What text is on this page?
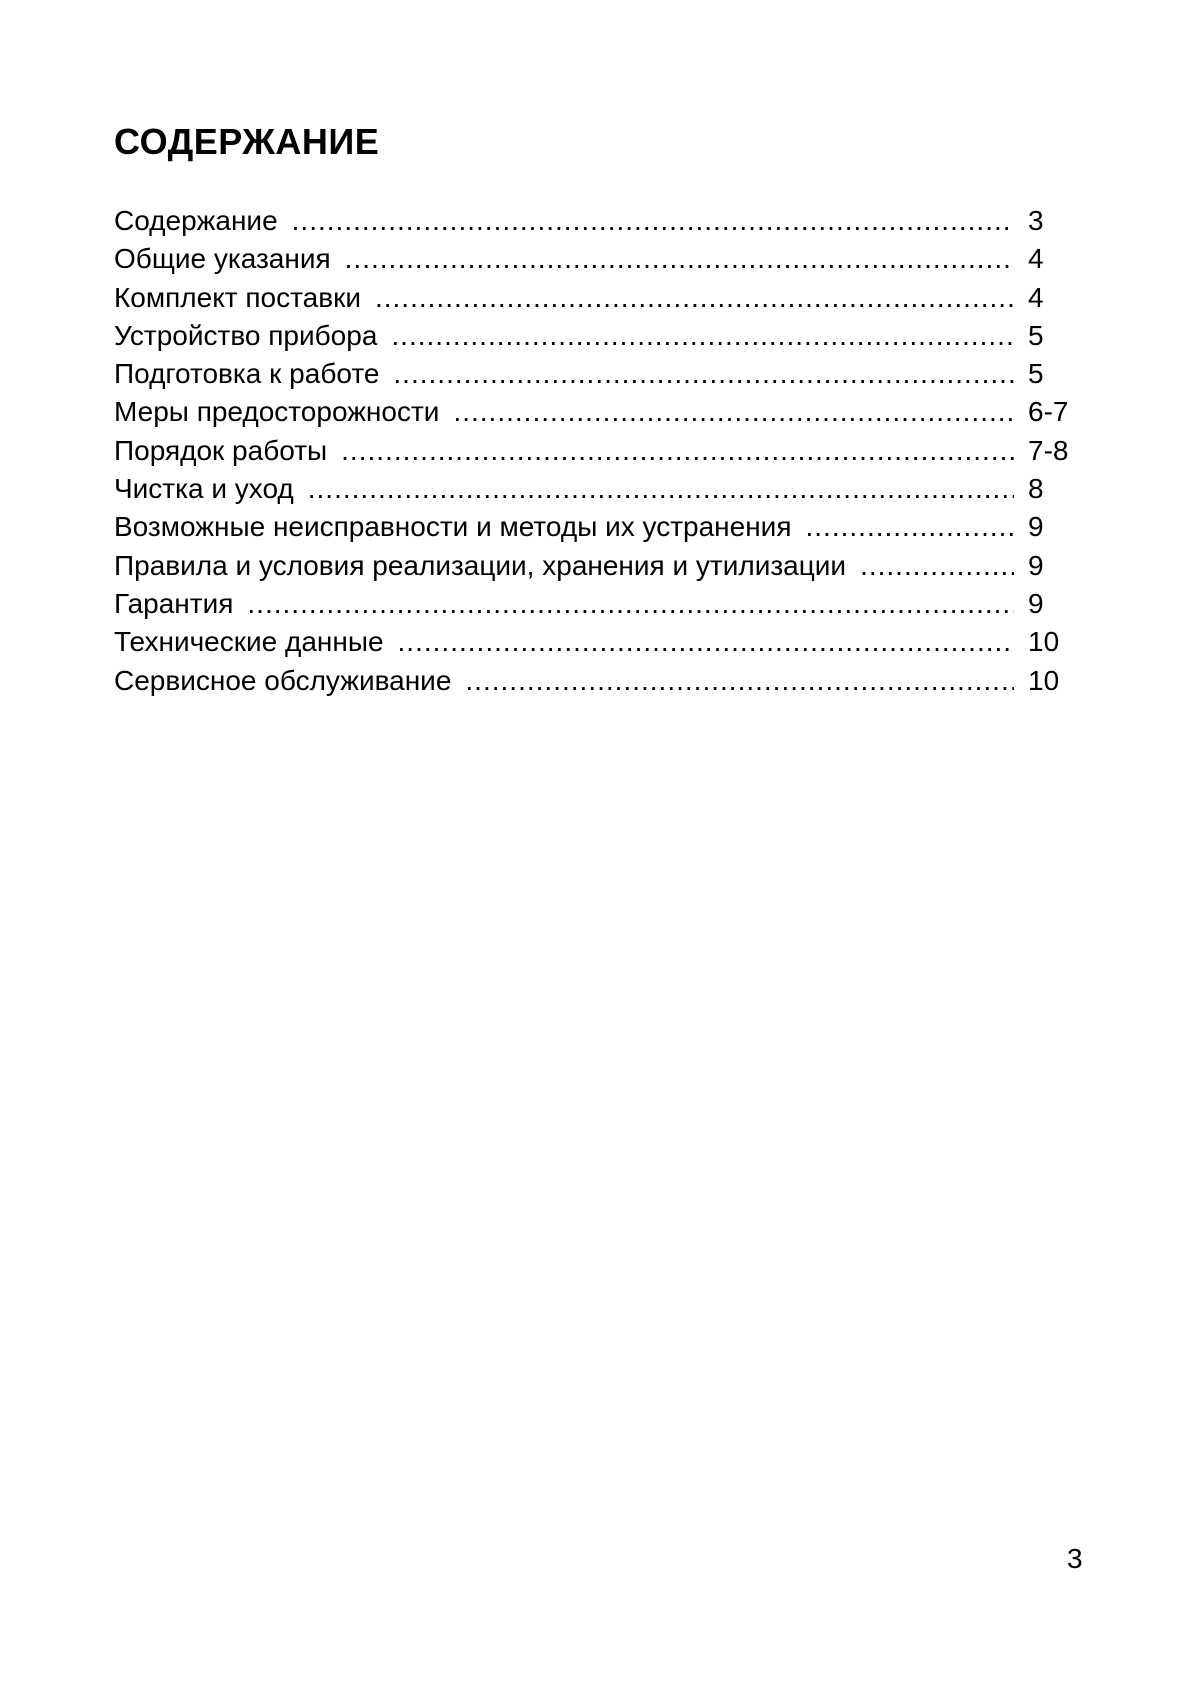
СОДЕРЖАНИЕ
Содержание .....	3
Общие указания .....	4
Комплект поставки .....	4
Устройство прибора .....	5
Подготовка к работе .....	5
Меры предосторожности .....	6-7
Порядок работы .....	7-8
Чистка и уход .....	8
Возможные неисправности и методы их устранения .....	9
Правила и условия реализации, хранения и утилизации .....	9
Гарантия .....	9
Технические данные .....	10
Сервисное обслуживание .....	10
3
